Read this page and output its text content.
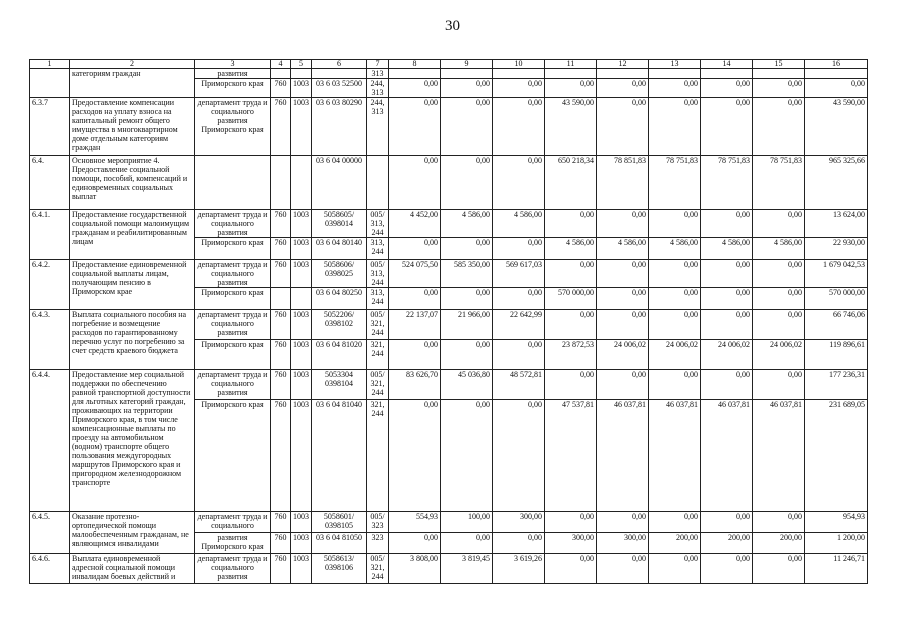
30
1	2	3	4	5	6	7	8	9	10	11	12	13	14	15	16
	категориям граждан	развития				313									
		Приморского края	760	1003	03 6 03 52500	244, 313	0,00	0,00	0,00	0,00	0,00	0,00	0,00	0,00	0,00
6.3.7	Предоставление компенсации расходов на уплату взноса на капитальный ремонт общего имущества в многоквартирном доме отдельным категориям граждан	департамент труда и социального развития Приморского края	760	1003	03 6 03 80290	244, 313	0,00	0,00	0,00	43 590,00	0,00	0,00	0,00	0,00	43 590,00
6.4.	Основное мероприятие 4. Предоставление социальной помощи, пособий, компенсаций и единовременных социальных выплат				03 6 04 00000		0,00	0,00	0,00	650 218,34	78 851,83	78 751,83	78 751,83	78 751,83	965 325,66
6.4.1.	Предоставление государственной социальной помощи малоимущим гражданам и реабилитированным лицам	департамент труда и социального развития	760	1003	5058605/ 0398014	005/ 313, 244	4 452,00	4 586,00	4 586,00	0,00	0,00	0,00	0,00	0,00	13 624,00
		Приморского края	760	1003	03 6 04 80140	313, 244	0,00	0,00	0,00	4 586,00	4 586,00	4 586,00	4 586,00	4 586,00	22 930,00
6.4.2.	Предоставление единовременной социальной выплаты лицам, получающим пенсию в Приморском крае	департамент труда и социального развития	760	1003	5058606/ 0398025	005/ 313, 244	524 075,50	585 350,00	569 617,03	0,00	0,00	0,00	0,00	0,00	1 679 042,53
		Приморского края			03 6 04 80250	313, 244	0,00	0,00	0,00	570 000,00	0,00	0,00	0,00	0,00	570 000,00
6.4.3.	Выплата социального пособия на погребение и возмещение расходов по гарантированному перечню услуг по погребению за счет средств краевого бюджета	департамент труда и социального развития	760	1003	5052206/ 0398102	005/ 321, 244	22 137,07	21 966,00	22 642,99	0,00	0,00	0,00	0,00	0,00	66 746,06
		Приморского края	760	1003	03 6 04 81020	321, 244	0,00	0,00	0,00	23 872,53	24 006,02	24 006,02	24 006,02	24 006,02	119 896,61
6.4.4.	Предоставление мер социальной поддержки по обеспечению равной транспортной доступности для льготных категорий граждан, проживающих на территории Приморского края, в том числе компенсационные выплаты по проезду на автомобильном (водном) транспорте общего пользования междугородных маршрутов Приморского края и пригородном железнодорожном транспорте	департамент труда и социального развития	760	1003	5053304 0398104	005/ 321, 244	83 626,70	45 036,80	48 572,81	0,00	0,00	0,00	0,00	0,00	177 236,31
		Приморского края	760	1003	03 6 04 81040	321, 244	0,00	0,00	0,00	47 537,81	46 037,81	46 037,81	46 037,81	46 037,81	231 689,05
6.4.5.	Оказание протезно-ортопедической помощи малообеспеченным гражданам, не являющимся инвалидами	департамент труда и социального	760	1003	5058601/ 0398105	005/ 323	554,93	100,00	300,00	0,00	0,00	0,00	0,00	0,00	954,93
		развития Приморского края	760	1003	03 6 04 81050	323	0,00	0,00	0,00	300,00	300,00	200,00	200,00	200,00	1 200,00
6.4.6.	Выплата единовременной адресной социальной помощи инвалидам боевых действий и	департамент труда и социального развития	760	1003	5058613/ 0398106	005/ 321, 244	3 808,00	3 819,45	3 619,26	0,00	0,00	0,00	0,00	0,00	11 246,71
